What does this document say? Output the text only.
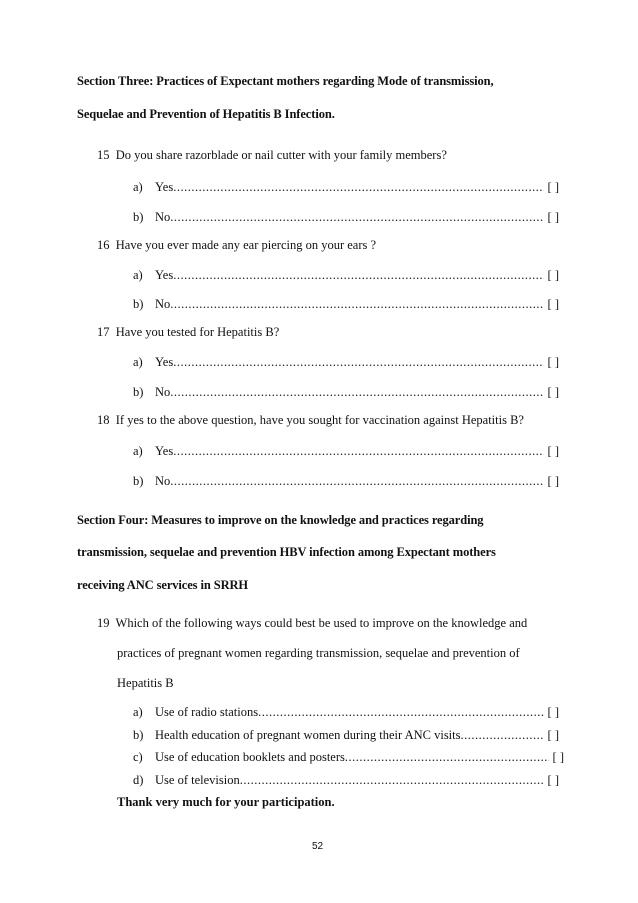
Section Three: Practices of Expectant mothers regarding Mode of transmission,
Sequelae and Prevention of Hepatitis B Infection.
15 Do you share razorblade or nail cutter with your family members?
a) Yes .....	[ ]
b) No .....	[ ]
16 Have you ever made any ear piercing on your ears ?
a) Yes .....	[ ]
b) No .....	[ ]
17 Have you tested for Hepatitis B?
a) Yes .....	[ ]
b) No .....	[ ]
18 If yes to the above question, have you sought for vaccination against Hepatitis B?
a) Yes .....	[ ]
b) No .....	[ ]
Section Four: Measures to improve on the knowledge and practices regarding
transmission, sequelae and prevention HBV infection among Expectant mothers
receiving ANC services in SRRH
19 Which of the following ways could best be used to improve on the knowledge and
practices of pregnant women regarding transmission, sequelae and prevention of
Hepatitis B
a) Use of radio stations .....	[ ]
b) Health education of pregnant women during their ANC visits .....	[ ]
c) Use of education booklets and posters .....	[ ]
d) Use of television .....	[ ]
Thank very much for your participation.
52
